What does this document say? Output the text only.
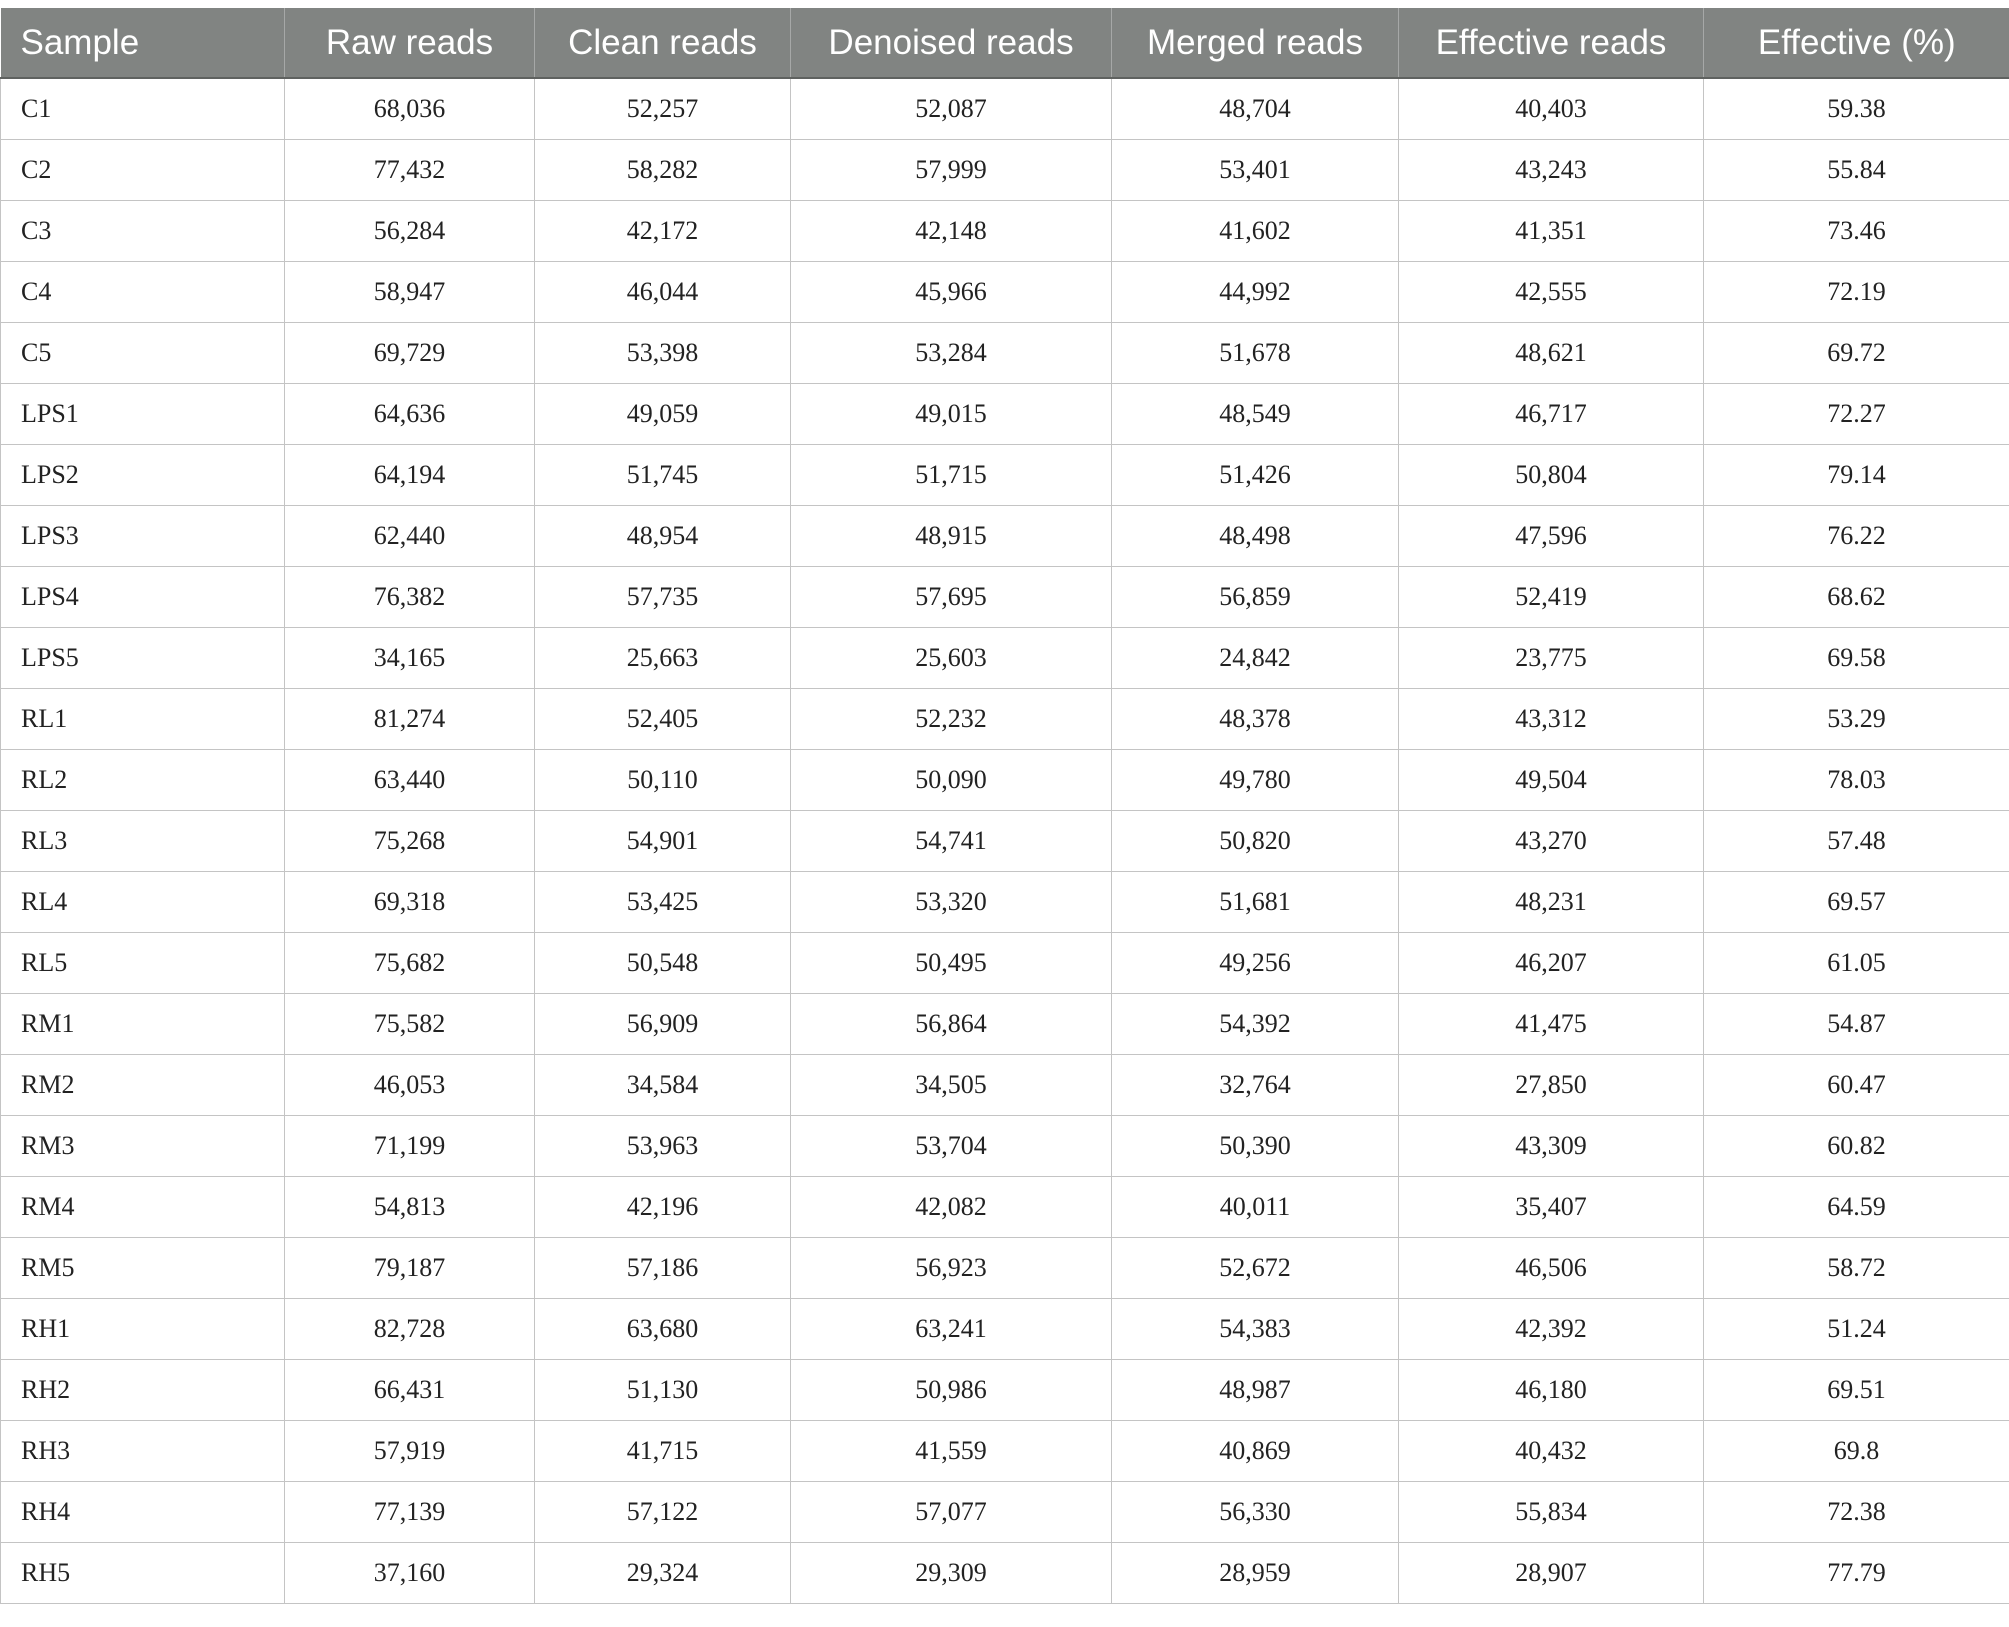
Sample	Raw reads	Clean reads	Denoised reads	Merged reads	Effective reads	Effective (%)
C1	68,036	52,257	52,087	48,704	40,403	59.38
C2	77,432	58,282	57,999	53,401	43,243	55.84
C3	56,284	42,172	42,148	41,602	41,351	73.46
C4	58,947	46,044	45,966	44,992	42,555	72.19
C5	69,729	53,398	53,284	51,678	48,621	69.72
LPS1	64,636	49,059	49,015	48,549	46,717	72.27
LPS2	64,194	51,745	51,715	51,426	50,804	79.14
LPS3	62,440	48,954	48,915	48,498	47,596	76.22
LPS4	76,382	57,735	57,695	56,859	52,419	68.62
LPS5	34,165	25,663	25,603	24,842	23,775	69.58
RL1	81,274	52,405	52,232	48,378	43,312	53.29
RL2	63,440	50,110	50,090	49,780	49,504	78.03
RL3	75,268	54,901	54,741	50,820	43,270	57.48
RL4	69,318	53,425	53,320	51,681	48,231	69.57
RL5	75,682	50,548	50,495	49,256	46,207	61.05
RM1	75,582	56,909	56,864	54,392	41,475	54.87
RM2	46,053	34,584	34,505	32,764	27,850	60.47
RM3	71,199	53,963	53,704	50,390	43,309	60.82
RM4	54,813	42,196	42,082	40,011	35,407	64.59
RM5	79,187	57,186	56,923	52,672	46,506	58.72
RH1	82,728	63,680	63,241	54,383	42,392	51.24
RH2	66,431	51,130	50,986	48,987	46,180	69.51
RH3	57,919	41,715	41,559	40,869	40,432	69.8
RH4	77,139	57,122	57,077	56,330	55,834	72.38
RH5	37,160	29,324	29,309	28,959	28,907	77.79
